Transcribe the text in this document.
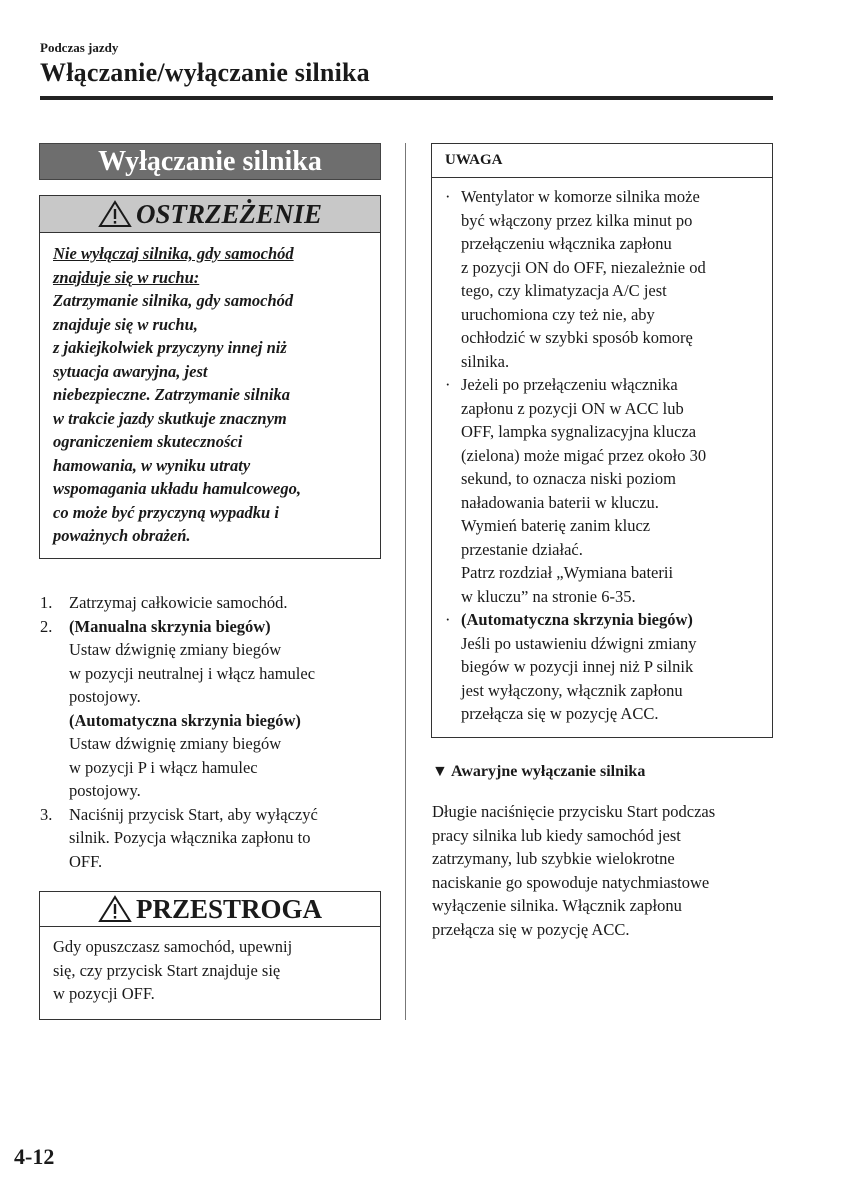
Podczas jazdy
Włączanie/wyłączanie silnika
Wyłączanie silnika
OSTRZEŻENIE
Nie wyłączaj silnika, gdy samochód
znajduje się w ruchu:
Zatrzymanie silnika, gdy samochód
znajduje się w ruchu,
z jakiejkolwiek przyczyny innej niż
sytuacja awaryjna, jest
niebezpieczne. Zatrzymanie silnika
w trakcie jazdy skutkuje znacznym
ograniczeniem skuteczności
hamowania, w wyniku utraty
wspomagania układu hamulcowego,
co może być przyczyną wypadku i
poważnych obrażeń.
1.	Zatrzymaj całkowicie samochód.
2.	(Manualna skrzynia biegów)
Ustaw dźwignię zmiany biegów
w pozycji neutralnej i włącz hamulec
postojowy.
(Automatyczna skrzynia biegów)
Ustaw dźwignię zmiany biegów
w pozycji P i włącz hamulec
postojowy.
3.	Naciśnij przycisk Start, aby wyłączyć
silnik. Pozycja włącznika zapłonu to
OFF.
PRZESTROGA
Gdy opuszczasz samochód, upewnij
się, czy przycisk Start znajduje się
w pozycji OFF.
UWAGA
· Wentylator w komorze silnika może
być włączony przez kilka minut po
przełączeniu włącznika zapłonu
z pozycji ON do OFF, niezależnie od
tego, czy klimatyzacja A/C jest
uruchomiona czy też nie, aby
ochłodzić w szybki sposób komorę
silnika.
· Jeżeli po przełączeniu włącznika
zapłonu z pozycji ON w ACC lub
OFF, lampka sygnalizacyjna klucza
(zielona) może migać przez około 30
sekund, to oznacza niski poziom
naładowania baterii w kluczu.
Wymień baterię zanim klucz
przestanie działać.
Patrz rozdział „Wymiana baterii
w kluczu” na stronie 6-35.
· (Automatyczna skrzynia biegów)
Jeśli po ustawieniu dźwigni zmiany
biegów w pozycji innej niż P silnik
jest wyłączony, włącznik zapłonu
przełącza się w pozycję ACC.
▼ Awaryjne wyłączanie silnika
Długie naciśnięcie przycisku Start podczas
pracy silnika lub kiedy samochód jest
zatrzymany, lub szybkie wielokrotne
naciskanie go spowoduje natychmiastowe
wyłączenie silnika. Włącznik zapłonu
przełącza się w pozycję ACC.
4-12
